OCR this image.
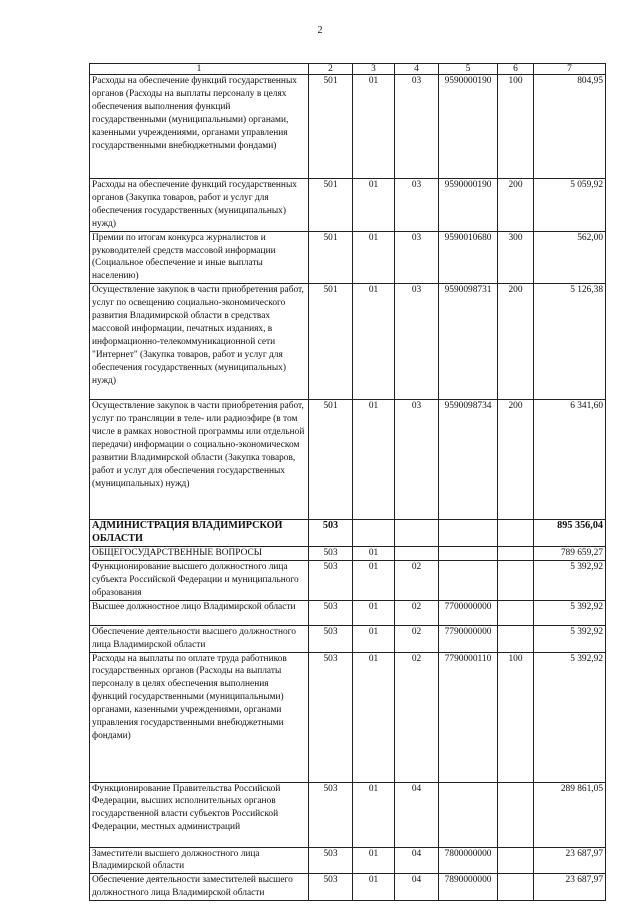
2
1	2	3	4	5	6	7
Расходы на обеспечение функций государственных органов (Расходы на выплаты персоналу в целях обеспечения выполнения функций государственными (муниципальными) органами, казенными учреждениями, органами управления государственными внебюджетными фондами)	501	01	03	9590000190	100	804,95
Расходы на обеспечение функций государственных органов (Закупка товаров, работ и услуг для обеспечения государственных (муниципальных) нужд)	501	01	03	9590000190	200	5 059,92
Премии по итогам конкурса журналистов и руководителей средств массовой информации (Социальное обеспечение и иные выплаты населению)	501	01	03	9590010680	300	562,00
Осуществление закупок в части приобретения работ, услуг по освещению социально-экономического развития Владимирской области в средствах массовой информации, печатных изданиях, в информационно-телекоммуникационной сети "Интернет" (Закупка товаров, работ и услуг для обеспечения государственных (муниципальных) нужд)	501	01	03	9590098731	200	5 126,38
Осуществление закупок в части приобретения работ, услуг по трансляции в теле- или радиоэфире (в том числе в рамках новостной программы или отдельной передачи) информации о социально-экономическом развитии Владимирской области (Закупка товаров, работ и услуг для обеспечения государственных (муниципальных) нужд)	501	01	03	9590098734	200	6 341,60
АДМИНИСТРАЦИЯ ВЛАДИМИРСКОЙ ОБЛАСТИ	503					895 356,04
ОБЩЕГОСУДАРСТВЕННЫЕ ВОПРОСЫ	503	01				789 659,27
Функционирование высшего должностного лица субъекта Российской Федерации и муниципального образования	503	01	02			5 392,92
Высшее должностное лицо Владимирской области	503	01	02	7700000000		5 392,92
Обеспечение деятельности высшего должностного лица Владимирской области	503	01	02	7790000000		5 392,92
Расходы на выплаты по оплате труда работников государственных органов (Расходы на выплаты персоналу в целях обеспечения выполнения функций государственными (муниципальными) органами, казенными учреждениями, органами управления государственными внебюджетными фондами)	503	01	02	7790000110	100	5 392,92
Функционирование Правительства Российской Федерации, высших исполнительных органов государственной власти субъектов Российской Федерации, местных администраций	503	01	04			289 861,05
Заместители высшего должностного лица Владимирской области	503	01	04	7800000000		23 687,97
Обеспечение деятельности заместителей высшего должностного лица Владимирской области	503	01	04	7890000000		23 687,97
